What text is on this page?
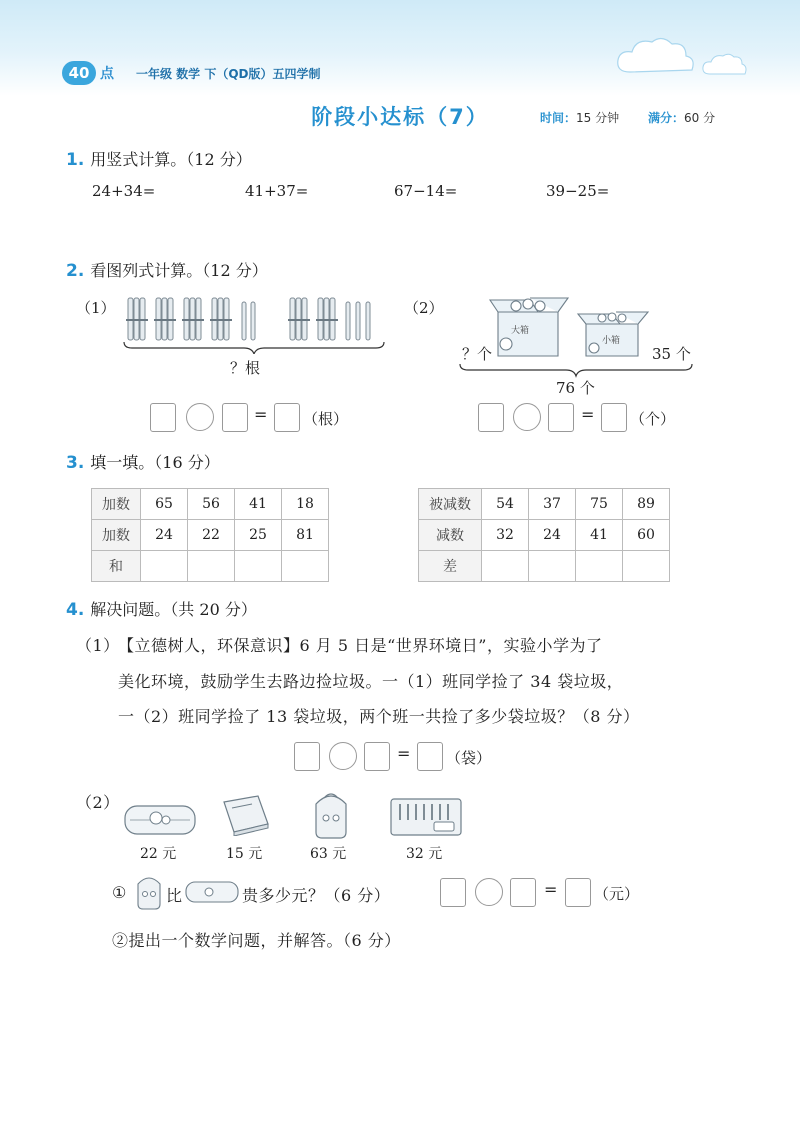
40 点 一年级 数学 下（QD版）五四学制
阶段小达标（7）	时间：15 分钟 满分：60 分
1. 用竖式计算。（12 分）
24+34=	41+37=	67−14=	39−25=
2. 看图列式计算。（12 分）
（1）
？根
= （根）
（2）
大箱
小箱
？个	35 个
76 个
= （个）
3. 填一填。（16 分）
加数	65	56	41	18
加数	24	22	25	81
和				
被减数	54	37	75	89
减数	32	24	41	60
差				
4. 解决问题。（共 20 分）
（1）
【立德树人，环保意识】6 月 5 日是“世界环境日”，实验小学为了
美化环境，鼓励学生去路边捡垃圾。一（1）班同学捡了 34 袋垃圾，
一（2）班同学捡了 13 袋垃圾，两个班一共捡了多少袋垃圾？（8 分）
= （袋）
（2）
22 元	15 元	63 元	32 元
① 比	贵多少元？（6 分）	= （元）
②提出一个数学问题，并解答。（6 分）
